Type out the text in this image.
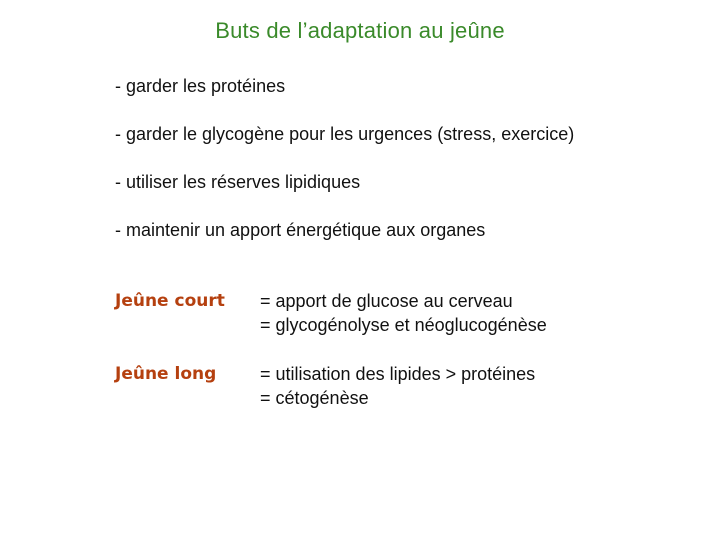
Buts de l’adaptation au jeûne
- garder les protéines
- garder le glycogène pour les urgences (stress, exercice)
- utiliser les réserves lipidiques
- maintenir un apport énergétique aux organes
Jeûne court = apport de glucose au cerveau
= glycogénolyse et néoglucogénèse
Jeûne long = utilisation des lipides > protéines
= cétogénèse
